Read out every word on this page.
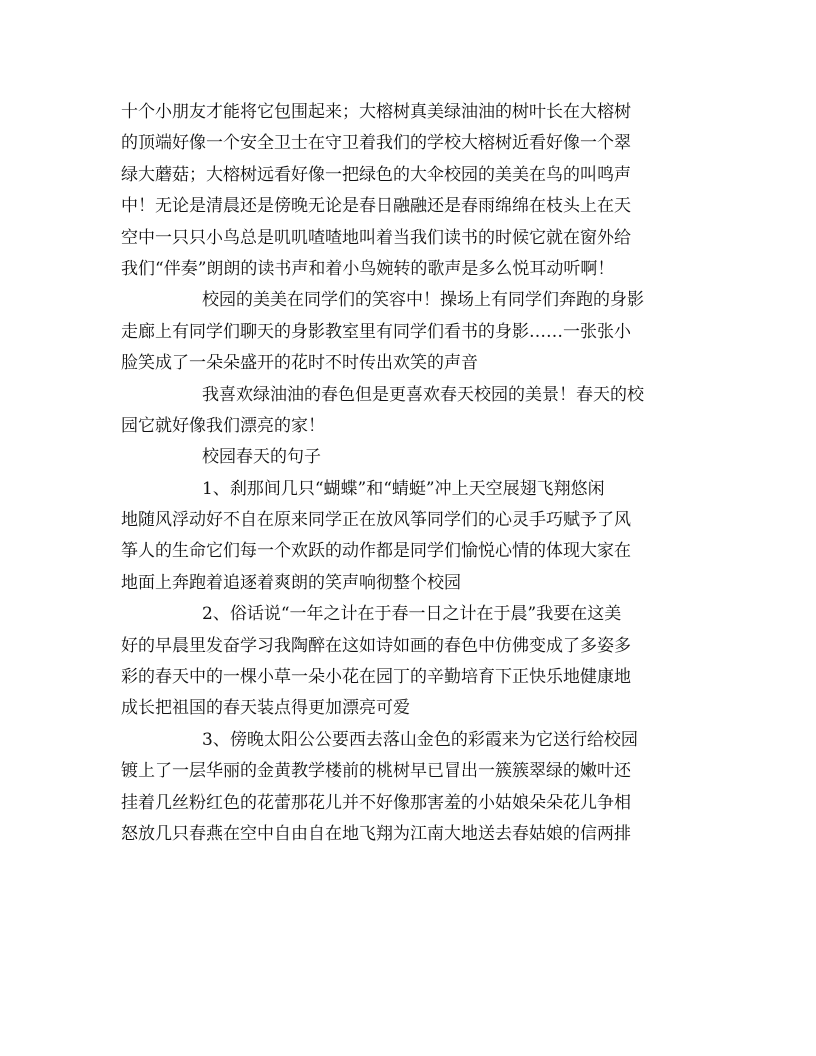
十个小朋友才能将它包围起来；大榕树真美绿油油的树叶长在大榕树
的顶端好像一个安全卫士在守卫着我们的学校大榕树近看好像一个翠
绿大蘑菇；大榕树远看好像一把绿色的大伞校园的美美在鸟的叫鸣声
中！无论是清晨还是傍晚无论是春日融融还是春雨绵绵在枝头上在天
空中一只只小鸟总是叽叽喳喳地叫着当我们读书的时候它就在窗外给
我们“伴奏”朗朗的读书声和着小鸟婉转的歌声是多么悦耳动听啊！
校园的美美在同学们的笑容中！操场上有同学们奔跑的身影
走廊上有同学们聊天的身影教室里有同学们看书的身影……一张张小
脸笑成了一朵朵盛开的花时不时传出欢笑的声音
我喜欢绿油油的春色但是更喜欢春天校园的美景！春天的校
园它就好像我们漂亮的家！
校园春天的句子
1、刹那间几只“蝴蝶”和“蜻蜓”冲上天空展翅飞翔悠闲
地随风浮动好不自在原来同学正在放风筝同学们的心灵手巧赋予了风
筝人的生命它们每一个欢跃的动作都是同学们愉悦心情的体现大家在
地面上奔跑着追逐着爽朗的笑声响彻整个校园
2、俗话说“一年之计在于春一日之计在于晨”我要在这美
好的早晨里发奋学习我陶醉在这如诗如画的春色中仿佛变成了多姿多
彩的春天中的一棵小草一朵小花在园丁的辛勤培育下正快乐地健康地
成长把祖国的春天装点得更加漂亮可爱
3、傍晚太阳公公要西去落山金色的彩霞来为它送行给校园
镀上了一层华丽的金黄教学楼前的桃树早已冒出一簇簇翠绿的嫩叶还
挂着几丝粉红色的花蕾那花儿并不好像那害羞的小姑娘朵朵花儿争相
怒放几只春燕在空中自由自在地飞翔为江南大地送去春姑娘的信两排
